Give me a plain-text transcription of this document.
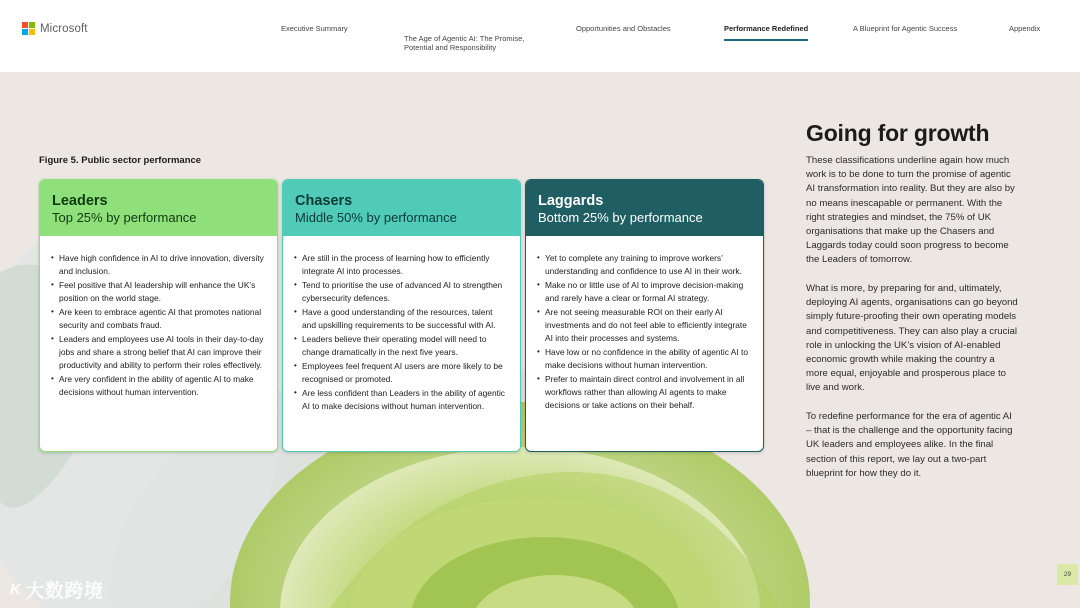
Microsoft	Executive Summary

The Age of Agentic AI: The Promise,
Potential and Responsibility

Opportunities and Obstacles	Performance Redefined	A Blueprint for Agentic Success	Appendix
Figure 5. Public sector performance
Leaders
Top 25% by performance
• Have high confidence in AI to drive innovation, diversity and inclusion.
• Feel positive that AI leadership will enhance the UK’s position on the world stage.
• Are keen to embrace agentic AI that promotes national security and combats fraud.
• Leaders and employees use AI tools in their day-to-day jobs and share a strong belief that AI can improve their productivity and ability to perform their roles effectively.
• Are very confident in the ability of agentic AI to make decisions without human intervention.
Chasers
Middle 50% by performance
• Are still in the process of learning how to efficiently integrate AI into processes.
• Tend to prioritise the use of advanced AI to strengthen cybersecurity defences.
• Have a good understanding of the resources, talent and upskilling requirements to be successful with AI.
• Leaders believe their operating model will need to change dramatically in the next five years.
• Employees feel frequent AI users are more likely to be recognised or promoted.
• Are less confident than Leaders in the ability of agentic AI to make decisions without human intervention.
Laggards
Bottom 25% by performance
• Yet to complete any training to improve workers’ understanding and confidence to use AI in their work.
• Make no or little use of AI to improve decision-making and rarely have a clear or formal AI strategy.
• Are not seeing measurable ROI on their early AI investments and do not feel able to efficiently integrate AI into their processes and systems.
• Have low or no confidence in the ability of agentic AI to make decisions without human intervention.
• Prefer to maintain direct control and involvement in all workflows rather than allowing AI agents to make decisions or take actions on their behalf.
Going for growth

These classifications underline again how much work is to be done to turn the promise of agentic AI transformation into reality. But they are also by no means inescapable or permanent. With the right strategies and mindset, the 75% of UK organisations that make up the Chasers and Laggards today could soon progress to become the Leaders of tomorrow.

What is more, by preparing for and, ultimately, deploying AI agents, organisations can go beyond simply future-proofing their own operating models and competitiveness. They can also play a crucial role in unlocking the UK’s vision of AI-enabled economic growth while making the country a more equal, enjoyable and prosperous place to live and work.

To redefine performance for the era of agentic AI – that is the challenge and the opportunity facing UK leaders and employees alike. In the final section of this report, we lay out a two-part blueprint for how they do it.

29
K 大数跨境
